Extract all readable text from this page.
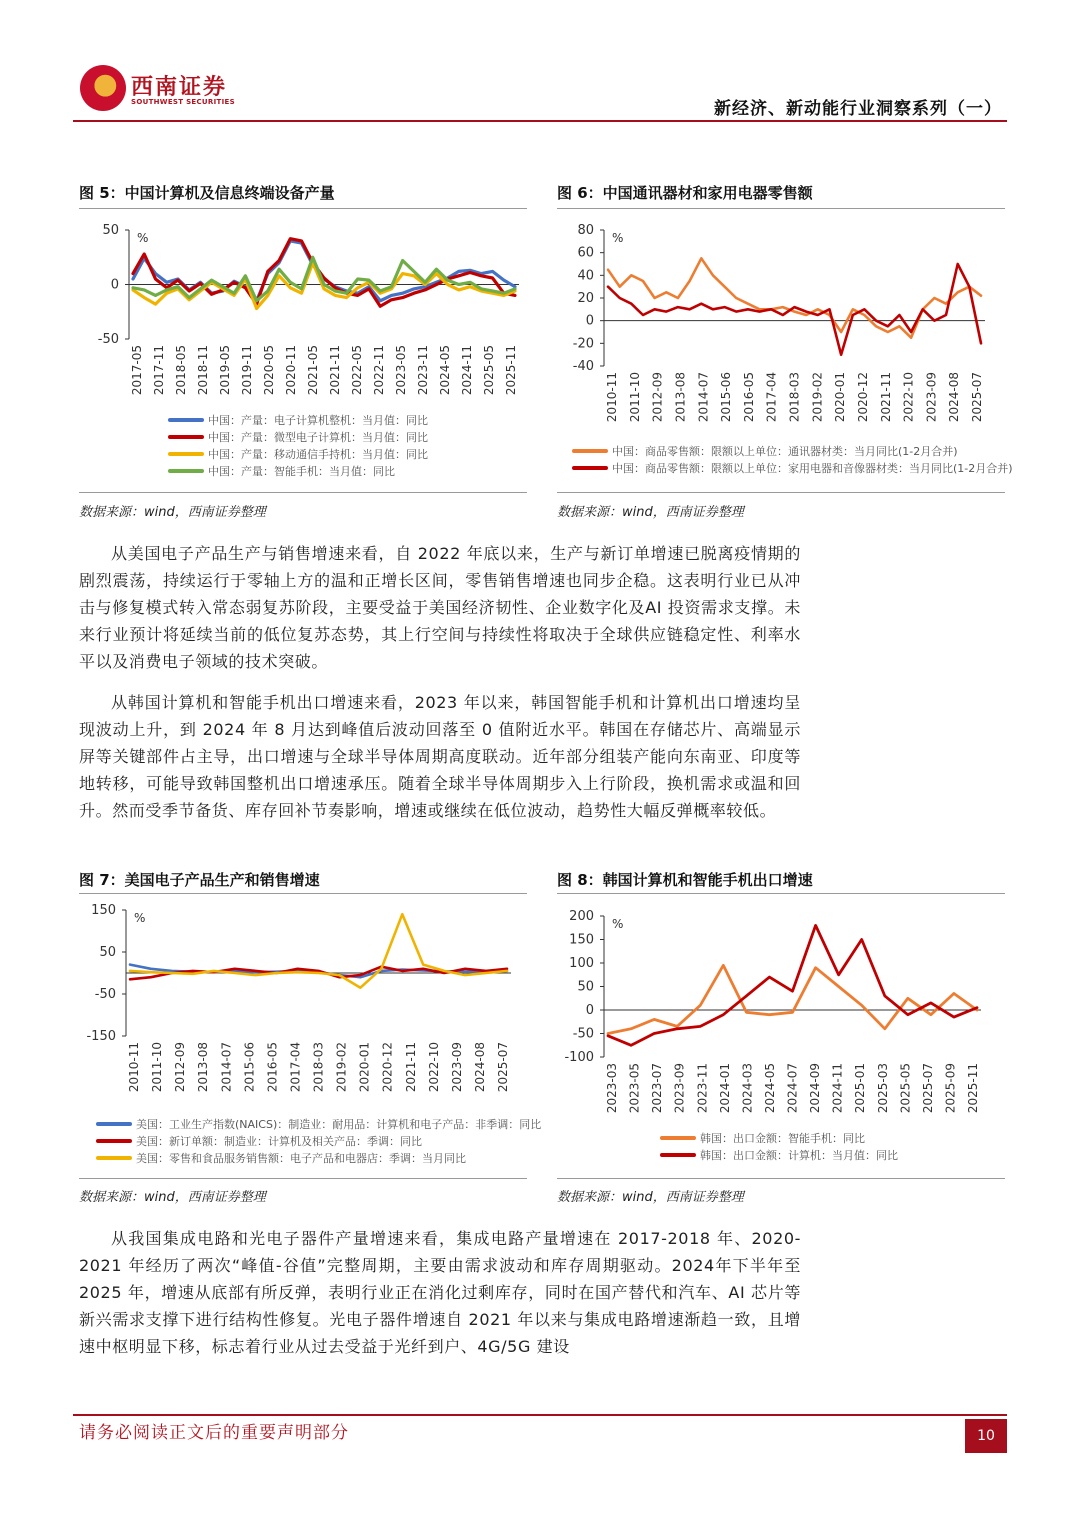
西南证券
SOUTHWEST SECURITIES	新经济、新动能行业洞察系列（一）
图 5：中国计算机及信息终端设备产量
50
0
-50
%
2017-05 2017-11 2018-05 2018-11 2019-05 2019-11 2020-05 2020-11 2021-05 2021-11 2022-05 2022-11 2023-05 2023-11 2024-05 2024-11 2025-05 2025-11
中国：产量：电子计算机整机：当月值：同比
中国：产量：微型电子计算机：当月值：同比
中国：产量：移动通信手持机：当月值：同比
中国：产量：智能手机：当月值：同比
数据来源：wind，西南证券整理
图 6：中国通讯器材和家用电器零售额
80
60
40
20
0
-20
-40
%
2010-11 2011-10 2012-09 2013-08 2014-07 2015-06 2016-05 2017-04 2018-03 2019-02 2020-01 2020-12 2021-11 2022-10 2023-09 2024-08 2025-07
中国：商品零售额：限额以上单位：通讯器材类：当月同比(1-2月合并)
中国：商品零售额：限额以上单位：家用电器和音像器材类：当月同比(1-2月合并)
数据来源：wind，西南证券整理
从美国电子产品生产与销售增速来看，自 2022 年底以来，生产与新订单增速已脱离疫情期的剧烈震荡，持续运行于零轴上方的温和正增长区间，零售销售增速也同步企稳。这表明行业已从冲击与修复模式转入常态弱复苏阶段，主要受益于美国经济韧性、企业数字化及AI 投资需求支撑。未来行业预计将延续当前的低位复苏态势，其上行空间与持续性将取决于全球供应链稳定性、利率水平以及消费电子领域的技术突破。
从韩国计算机和智能手机出口增速来看，2023 年以来，韩国智能手机和计算机出口增速均呈现波动上升，到 2024 年 8 月达到峰值后波动回落至 0 值附近水平。韩国在存储芯片、高端显示屏等关键部件占主导，出口增速与全球半导体周期高度联动。近年部分组装产能向东南亚、印度等地转移，可能导致韩国整机出口增速承压。随着全球半导体周期步入上行阶段，换机需求或温和回升。然而受季节备货、库存回补节奏影响，增速或继续在低位波动，趋势性大幅反弹概率较低。
图 7：美国电子产品生产和销售增速
150
50
-50
-150
%
2010-11 2011-10 2012-09 2013-08 2014-07 2015-06 2016-05 2017-04 2018-03 2019-02 2020-01 2020-12 2021-11 2022-10 2023-09 2024-08 2025-07
美国：工业生产指数(NAICS)：制造业：耐用品：计算机和电子产品：非季调：同比
美国：新订单额：制造业：计算机及相关产品：季调：同比
美国：零售和食品服务销售额：电子产品和电器店：季调：当月同比
数据来源：wind，西南证券整理
图 8：韩国计算机和智能手机出口增速
200
150
100
50
0
-50
-100
%
2023-03 2023-05 2023-07 2023-09 2023-11 2024-01 2024-03 2024-05 2024-07 2024-09 2024-11 2025-01 2025-03 2025-05 2025-07 2025-09 2025-11
韩国：出口金额：智能手机：同比
韩国：出口金额：计算机：当月值：同比
数据来源：wind，西南证券整理
从我国集成电路和光电子器件产量增速来看，集成电路产量增速在 2017-2018 年、2020-2021 年经历了两次“峰值-谷值”完整周期，主要由需求波动和库存周期驱动。2024年下半年至 2025 年，增速从底部有所反弹，表明行业正在消化过剩库存，同时在国产替代和汽车、AI 芯片等新兴需求支撑下进行结构性修复。光电子器件增速自 2021 年以来与集成电路增速渐趋一致，且增速中枢明显下移，标志着行业从过去受益于光纤到户、4G/5G 建设
请务必阅读正文后的重要声明部分	10
